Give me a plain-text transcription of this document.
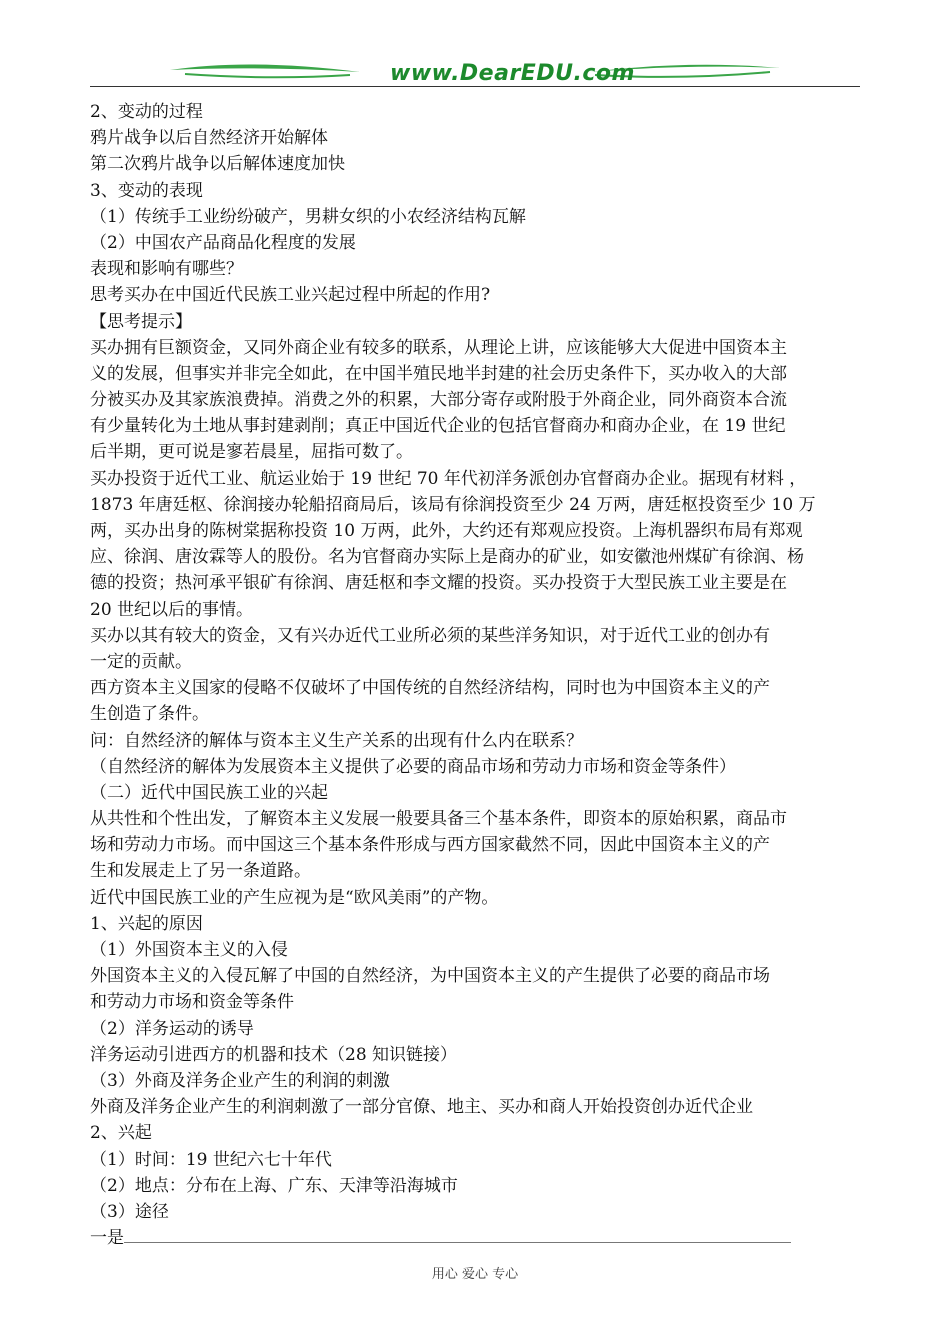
www.DearEDU.com
2、变动的过程
鸦片战争以后自然经济开始解体
第二次鸦片战争以后解体速度加快
3、变动的表现
（1）传统手工业纷纷破产，男耕女织的小农经济结构瓦解
（2）中国农产品商品化程度的发展
表现和影响有哪些？
思考买办在中国近代民族工业兴起过程中所起的作用?
【思考提示】
买办拥有巨额资金，又同外商企业有较多的联系，从理论上讲，应该能够大大促进中国资本主
义的发展，但事实并非完全如此，在中国半殖民地半封建的社会历史条件下，买办收入的大部
分被买办及其家族浪费掉。消费之外的积累，大部分寄存或附股于外商企业，同外商资本合流
有少量转化为土地从事封建剥削；真正中国近代企业的包括官督商办和商办企业，在 19 世纪
后半期，更可说是寥若晨星，屈指可数了。
买办投资于近代工业、航运业始于 19 世纪 70 年代初洋务派创办官督商办企业。据现有材料 ，
1873 年唐廷枢、徐润接办轮船招商局后，该局有徐润投资至少 24 万两，唐廷枢投资至少 10 万
两，买办出身的陈树棠据称投资 10 万两，此外，大约还有郑观应投资。上海机器织布局有郑观
应、徐润、唐汝霖等人的股份。名为官督商办实际上是商办的矿业，如安徽池州煤矿有徐润、杨
德的投资；热河承平银矿有徐润、唐廷枢和李文耀的投资。买办投资于大型民族工业主要是在
20 世纪以后的事情。
买办以其有较大的资金，又有兴办近代工业所必须的某些洋务知识，对于近代工业的创办有
一定的贡献。
西方资本主义国家的侵略不仅破坏了中国传统的自然经济结构，同时也为中国资本主义的产
生创造了条件。
问：自然经济的解体与资本主义生产关系的出现有什么内在联系？
（自然经济的解体为发展资本主义提供了必要的商品市场和劳动力市场和资金等条件）
（二）近代中国民族工业的兴起
从共性和个性出发，了解资本主义发展一般要具备三个基本条件，即资本的原始积累，商品市
场和劳动力市场。而中国这三个基本条件形成与西方国家截然不同，因此中国资本主义的产
生和发展走上了另一条道路。
近代中国民族工业的产生应视为是“欧风美雨”的产物。
1、兴起的原因
（1）外国资本主义的入侵
外国资本主义的入侵瓦解了中国的自然经济，为中国资本主义的产生提供了必要的商品市场
和劳动力市场和资金等条件
（2）洋务运动的诱导
洋务运动引进西方的机器和技术（28 知识链接）
（3）外商及洋务企业产生的利润的刺激
外商及洋务企业产生的利润刺激了一部分官僚、地主、买办和商人开始投资创办近代企业
2、兴起
（1）时间：19 世纪六七十年代
（2）地点：分布在上海、广东、天津等沿海城市
（3）途径
一是
用心 爱心 专心
